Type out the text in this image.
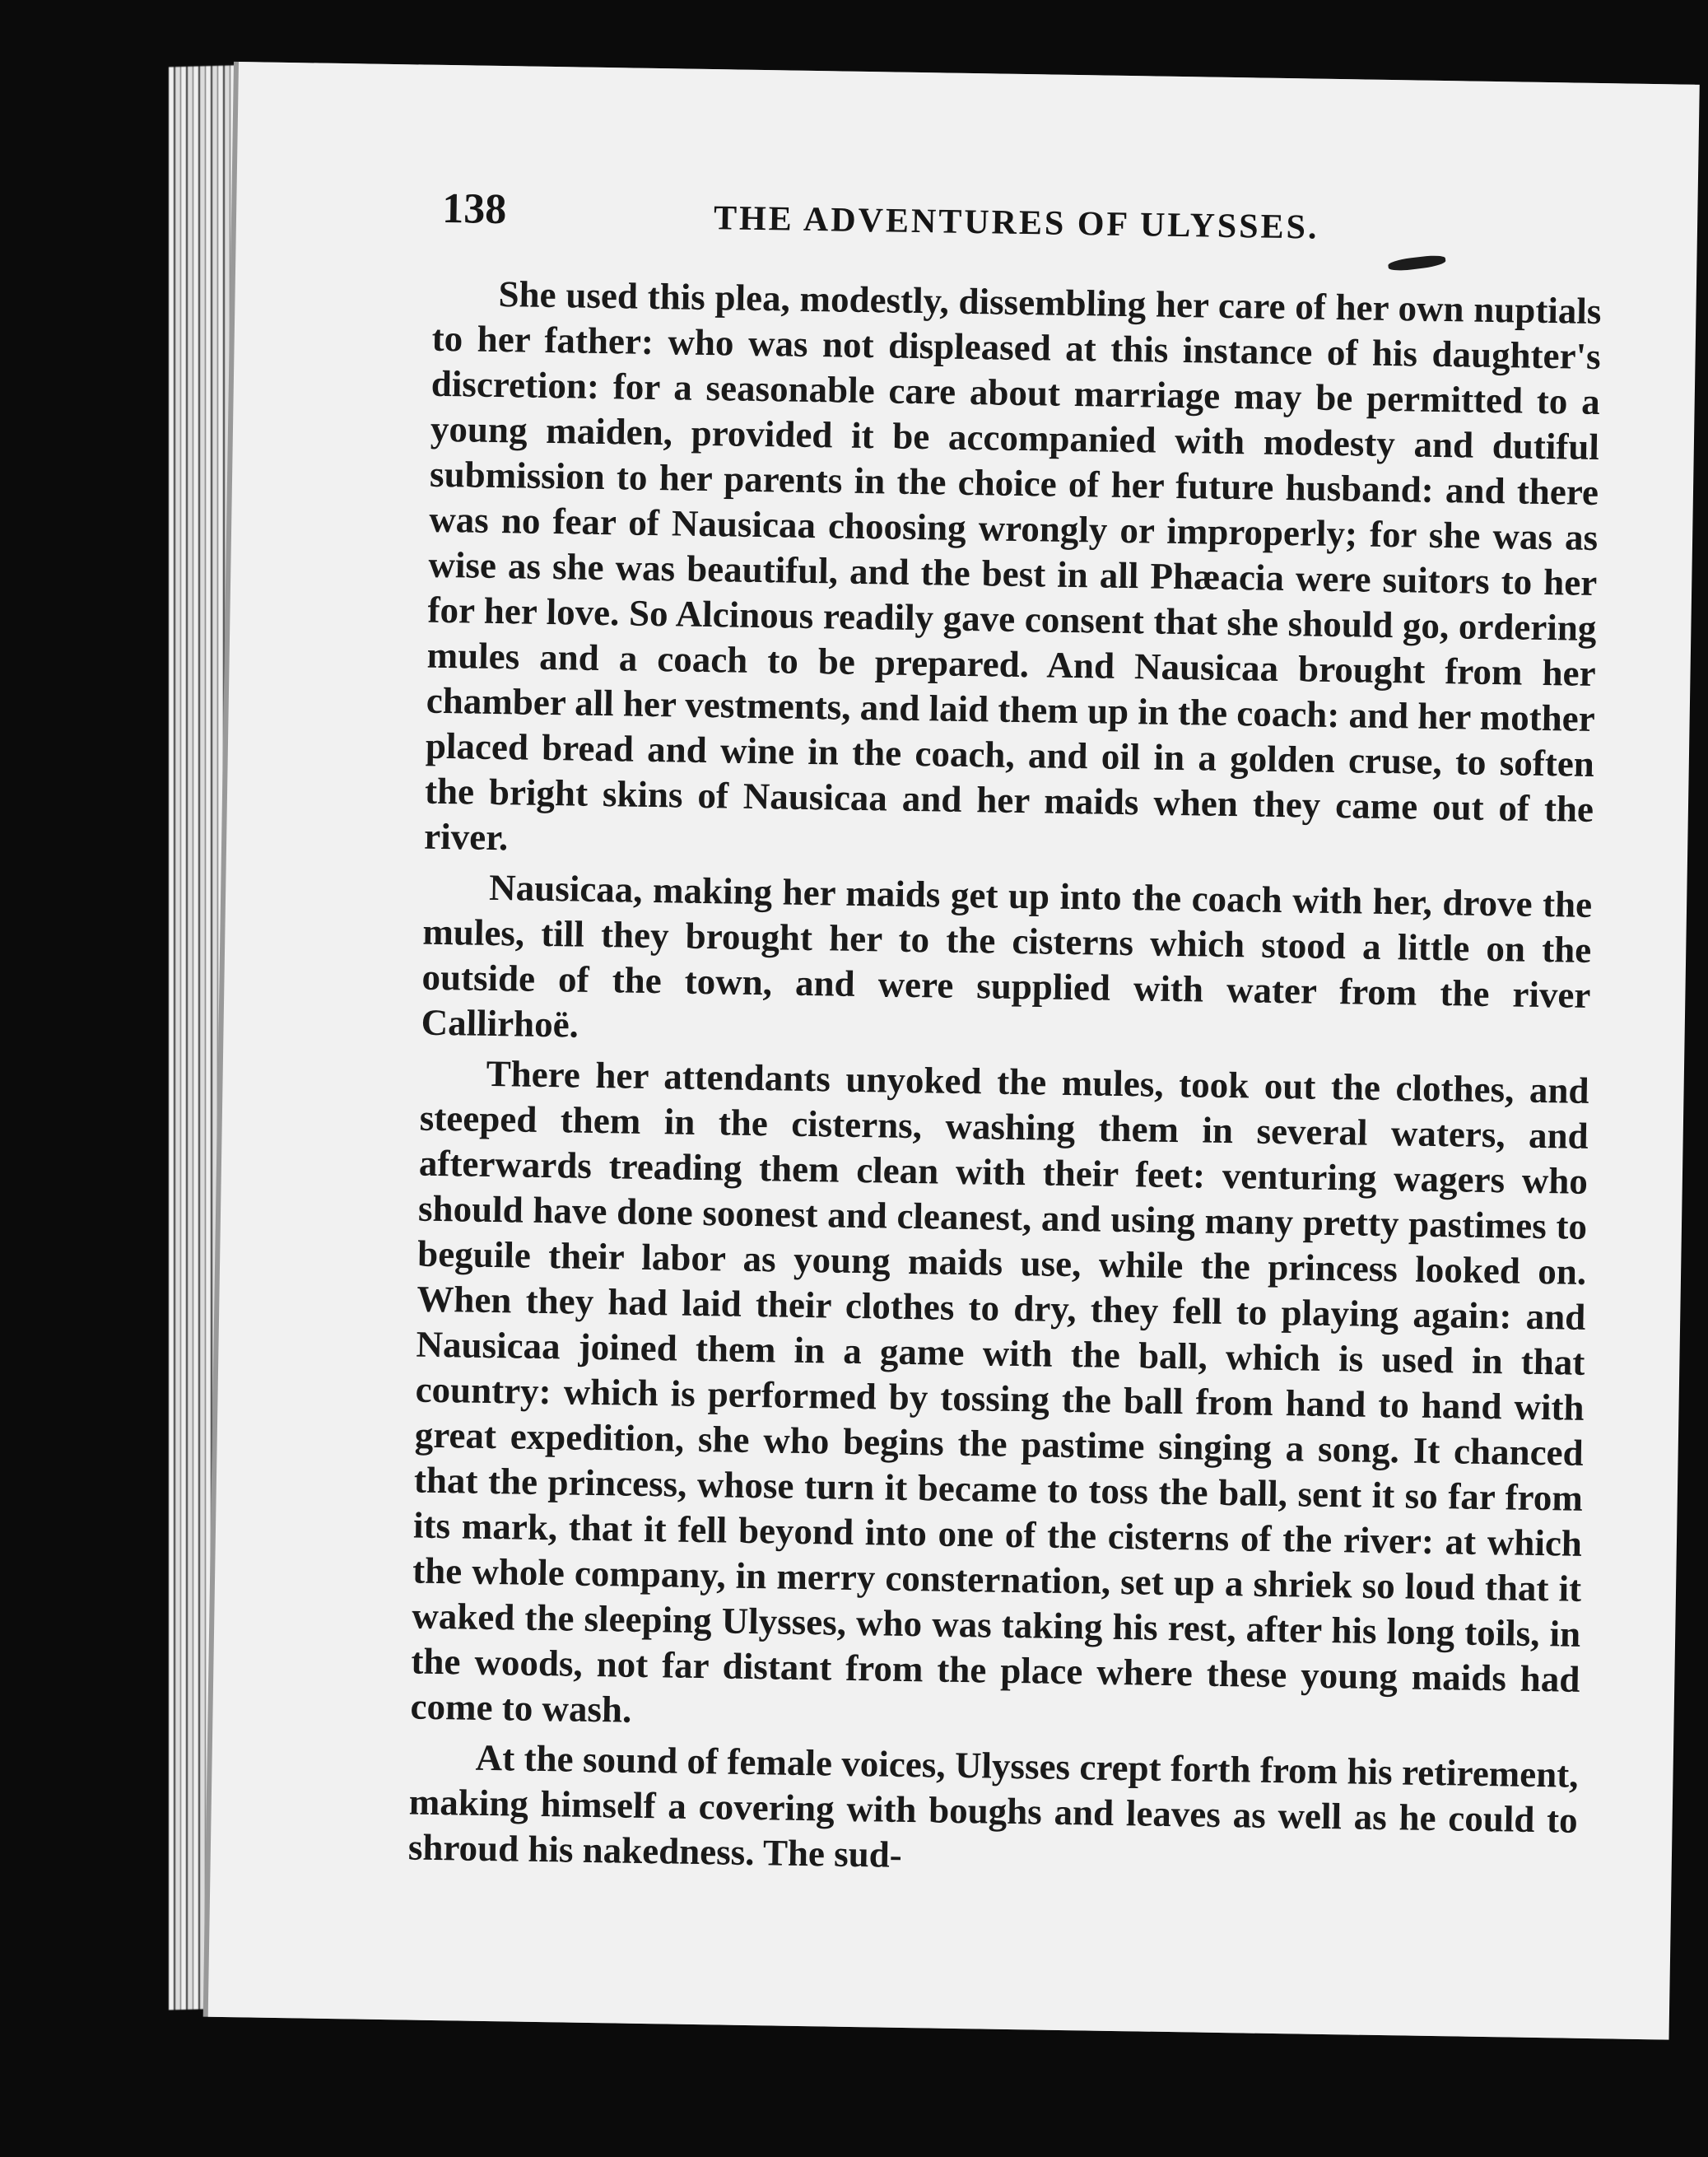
138	THE ADVENTURES OF ULYSSES.

She used this plea, modestly, dissembling her care of her own nuptials to her father: who was not displeased at this instance of his daughter's discretion: for a seasonable care about marriage may be permitted to a young maiden, provided it be accompanied with modesty and dutiful submission to her parents in the choice of her future husband: and there was no fear of Nausicaa choosing wrongly or improperly; for she was as wise as she was beautiful, and the best in all Phæacia were suitors to her for her love. So Alcinous readily gave consent that she should go, ordering mules and a coach to be prepared. And Nausicaa brought from her chamber all her vestments, and laid them up in the coach: and her mother placed bread and wine in the coach, and oil in a golden cruse, to soften the bright skins of Nausicaa and her maids when they came out of the river.

Nausicaa, making her maids get up into the coach with her, drove the mules, till they brought her to the cisterns which stood a little on the outside of the town, and were supplied with water from the river Callirhoë.

There her attendants unyoked the mules, took out the clothes, and steeped them in the cisterns, washing them in several waters, and afterwards treading them clean with their feet: venturing wagers who should have done soonest and cleanest, and using many pretty pastimes to beguile their labor as young maids use, while the princess looked on. When they had laid their clothes to dry, they fell to playing again: and Nausicaa joined them in a game with the ball, which is used in that country: which is performed by tossing the ball from hand to hand with great expedition, she who begins the pastime singing a song. It chanced that the princess, whose turn it became to toss the ball, sent it so far from its mark, that it fell beyond into one of the cisterns of the river: at which the whole company, in merry consternation, set up a shriek so loud that it waked the sleeping Ulysses, who was taking his rest, after his long toils, in the woods, not far distant from the place where these young maids had come to wash.

At the sound of female voices, Ulysses crept forth from his retirement, making himself a covering with boughs and leaves as well as he could to shroud his nakedness. The sud-
